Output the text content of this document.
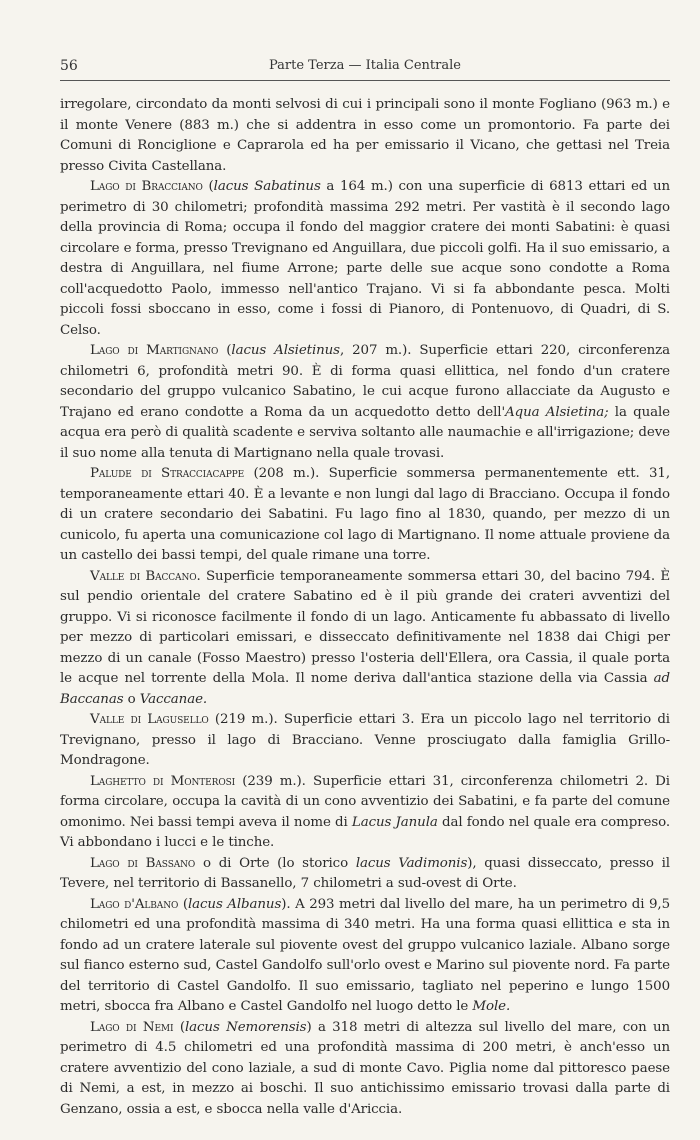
56	Parte Terza — Italia Centrale

irregolare, circondato da monti selvosi di cui i principali sono il monte Fogliano (963 m.) e il monte Venere (883 m.) che si addentra in esso come un promontorio. Fa parte dei Comuni di Ronciglione e Caprarola ed ha per emissario il Vicano, che gettasi nel Treia presso Civita Castellana.

Lago di Bracciano (lacus Sabatinus a 164 m.) con una superficie di 6813 ettari ed un perimetro di 30 chilometri; profondità massima 292 metri. Per vastità è il secondo lago della provincia di Roma; occupa il fondo del maggior cratere dei monti Sabatini: è quasi circolare e forma, presso Trevignano ed Anguillara, due piccoli golfi. Ha il suo emissario, a destra di Anguillara, nel fiume Arrone; parte delle sue acque sono condotte a Roma coll'acquedotto Paolo, immesso nell'antico Trajano. Vi si fa abbondante pesca. Molti piccoli fossi sboccano in esso, come i fossi di Pianoro, di Pontenuovo, di Quadri, di S. Celso.

Lago di Martignano (lacus Alsietinus, 207 m.). Superficie ettari 220, circonferenza chilometri 6, profondità metri 90. È di forma quasi ellittica, nel fondo d'un cratere secondario del gruppo vulcanico Sabatino, le cui acque furono allacciate da Augusto e Trajano ed erano condotte a Roma da un acquedotto detto dell'Aqua Alsietina; la quale acqua era però di qualità scadente e serviva soltanto alle naumachie e all'irrigazione; deve il suo nome alla tenuta di Martignano nella quale trovasi.

Palude di Stracciacappe (208 m.). Superficie sommersa permanentemente ett. 31, temporaneamente ettari 40. È a levante e non lungi dal lago di Bracciano. Occupa il fondo di un cratere secondario dei Sabatini. Fu lago fino al 1830, quando, per mezzo di un cunicolo, fu aperta una comunicazione col lago di Martignano. Il nome attuale proviene da un castello dei bassi tempi, del quale rimane una torre.

Valle di Baccano. Superficie temporaneamente sommersa ettari 30, del bacino 794. È sul pendio orientale del cratere Sabatino ed è il più grande dei crateri avventizi del gruppo. Vi si riconosce facilmente il fondo di un lago. Anticamente fu abbassato di livello per mezzo di particolari emissari, e disseccato definitivamente nel 1838 dai Chigi per mezzo di un canale (Fosso Maestro) presso l'osteria dell'Ellera, ora Cassia, il quale porta le acque nel torrente della Mola. Il nome deriva dall'antica stazione della via Cassia ad Baccanas o Vaccanae.

Valle di Lagusello (219 m.). Superficie ettari 3. Era un piccolo lago nel territorio di Trevignano, presso il lago di Bracciano. Venne prosciugato dalla famiglia Grillo-Mondragone.

Laghetto di Monterosi (239 m.). Superficie ettari 31, circonferenza chilometri 2. Di forma circolare, occupa la cavità di un cono avventizio dei Sabatini, e fa parte del comune omonimo. Nei bassi tempi aveva il nome di Lacus Janula dal fondo nel quale era compreso. Vi abbondano i lucci e le tinche.

Lago di Bassano o di Orte (lo storico lacus Vadimonis), quasi disseccato, presso il Tevere, nel territorio di Bassanello, 7 chilometri a sud-ovest di Orte.

Lago d'Albano (lacus Albanus). A 293 metri dal livello del mare, ha un perimetro di 9,5 chilometri ed una profondità massima di 340 metri. Ha una forma quasi ellittica e sta in fondo ad un cratere laterale sul piovente ovest del gruppo vulcanico laziale. Albano sorge sul fianco esterno sud, Castel Gandolfo sull'orlo ovest e Marino sul piovente nord. Fa parte del territorio di Castel Gandolfo. Il suo emissario, tagliato nel peperino e lungo 1500 metri, sbocca fra Albano e Castel Gandolfo nel luogo detto le Mole.

Lago di Nemi (lacus Nemorensis) a 318 metri di altezza sul livello del mare, con un perimetro di 4.5 chilometri ed una profondità massima di 200 metri, è anch'esso un cratere avventizio del cono laziale, a sud di monte Cavo. Piglia nome dal pittoresco paese di Nemi, a est, in mezzo ai boschi. Il suo antichissimo emissario trovasi dalla parte di Genzano, ossia a est, e sbocca nella valle d'Ariccia.
